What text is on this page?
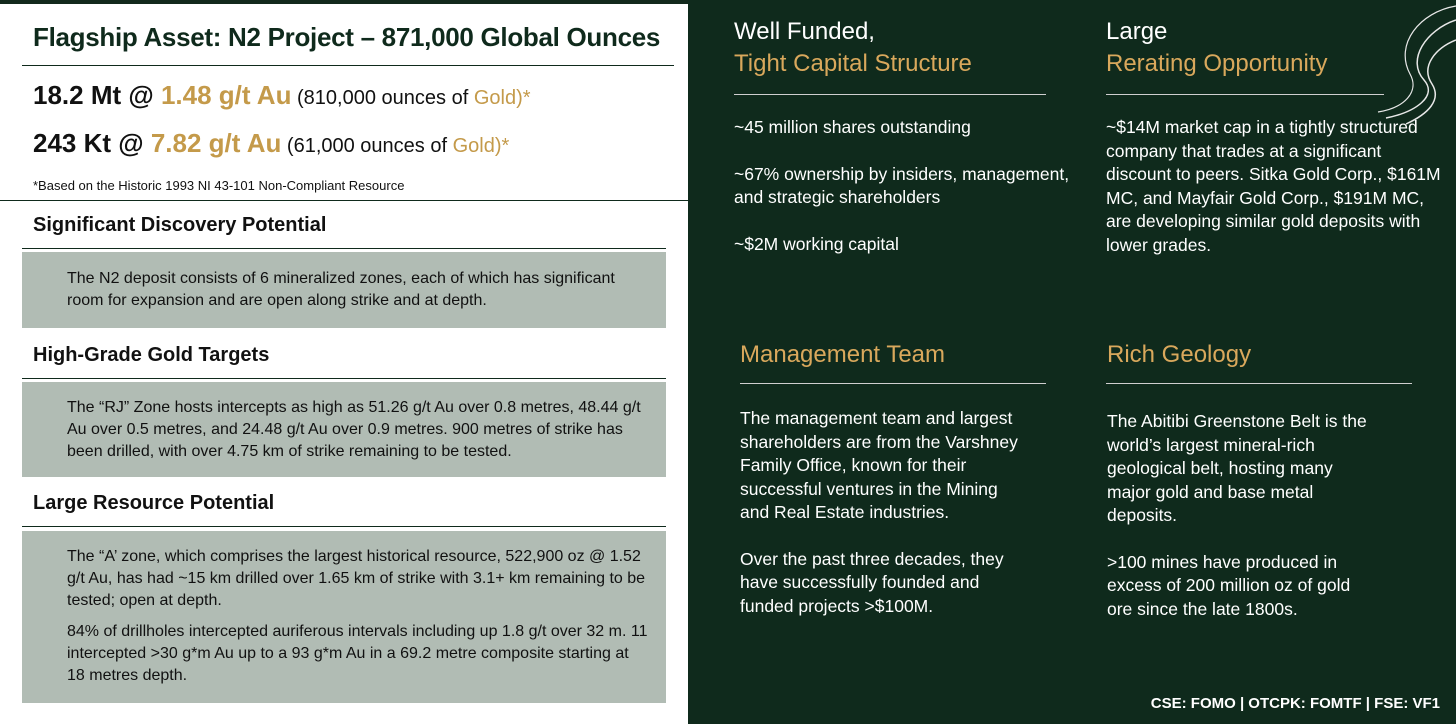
Flagship Asset: N2 Project – 871,000 Global Ounces
18.2 Mt @ 1.48 g/t Au (810,000 ounces of Gold)*
243 Kt @ 7.82 g/t Au (61,000 ounces of Gold)*
*Based on the Historic 1993 NI 43-101 Non-Compliant Resource
Significant Discovery Potential

The N2 deposit consists of 6 mineralized zones, each of which has significant room for expansion and are open along strike and at depth.

High-Grade Gold Targets

The “RJ” Zone hosts intercepts as high as 51.26 g/t Au over 0.8 metres, 48.44 g/t Au over 0.5 metres, and 24.48 g/t Au over 0.9 metres. 900 metres of strike has been drilled, with over 4.75 km of strike remaining to be tested.

Large Resource Potential

The “A’ zone, which comprises the largest historical resource, 522,900 oz @ 1.52 g/t Au, has had ~15 km drilled over 1.65 km of strike with 3.1+ km remaining to be tested; open at depth.

84% of drillholes intercepted auriferous intervals including up 1.8 g/t over 32 m. 11 intercepted >30 g*m Au up to a 93 g*m Au in a 69.2 metre composite starting at 18 metres depth.

Well Funded,
Tight Capital Structure

~45 million shares outstanding

~67% ownership by insiders, management, and strategic shareholders

~$2M working capital

Large
Rerating Opportunity
~$14M market cap in a tightly structured company that trades at a significant discount to peers. Sitka Gold Corp., $161M MC, and Mayfair Gold Corp., $191M MC, are developing similar gold deposits with lower grades.
Management Team

The management team and largest shareholders are from the Varshney Family Office, known for their successful ventures in the Mining and Real Estate industries.

Over the past three decades, they have successfully founded and funded projects >$100M.

Rich Geology

The Abitibi Greenstone Belt is the world’s largest mineral-rich geological belt, hosting many major gold and base metal deposits.

>100 mines have produced in excess of 200 million oz of gold ore since the late 1800s.

CSE: FOMO | OTCPK: FOMTF | FSE: VF1
